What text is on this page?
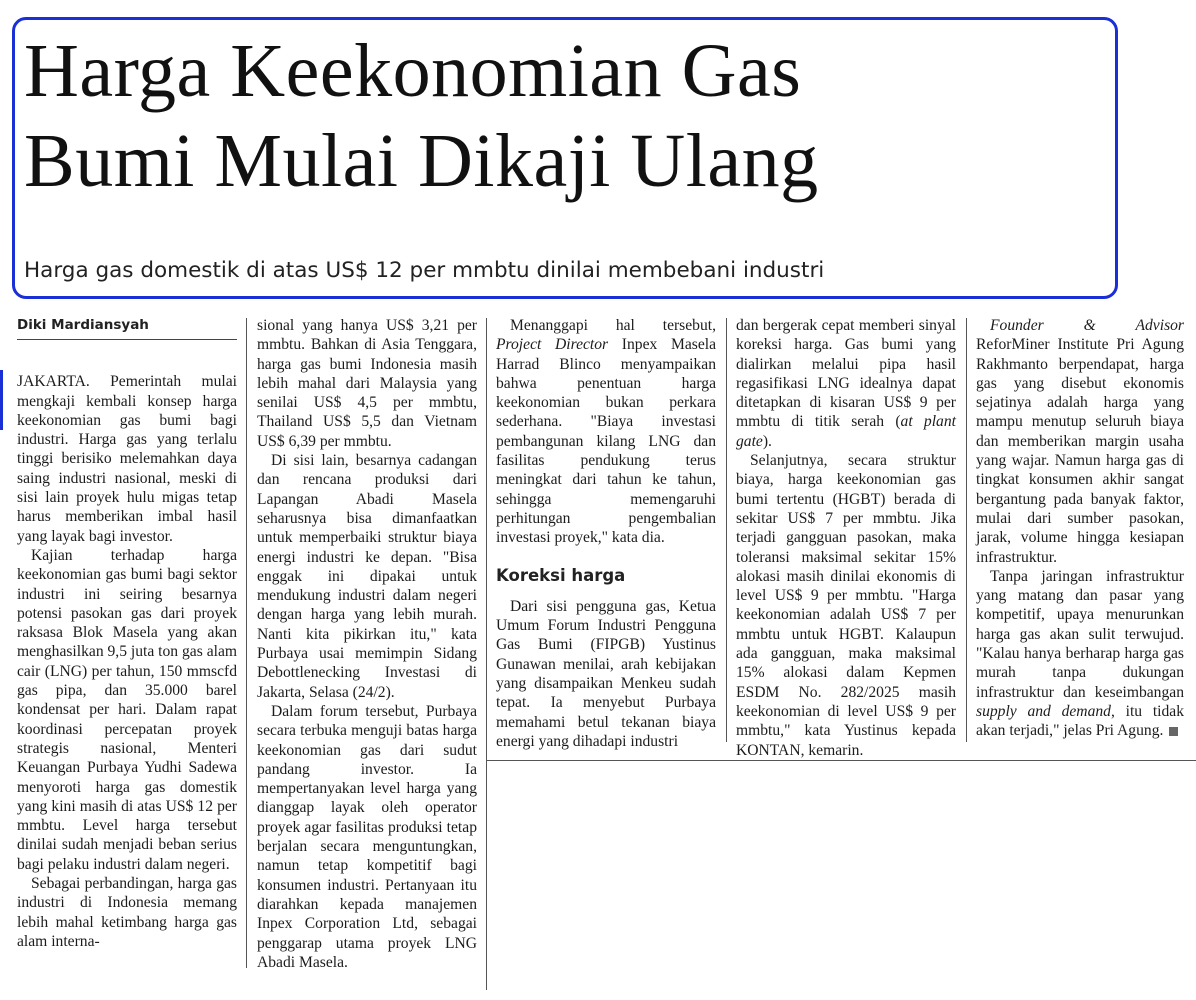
Harga Keekonomian Gas
Bumi Mulai Dikaji Ulang
Harga gas domestik di atas US$ 12 per mmbtu dinilai membebani industri
Diki Mardiansyah

JAKARTA. Pemerintah mulai mengkaji kembali konsep harga keekonomian gas bumi bagi industri. Harga gas yang terlalu tinggi berisiko melemahkan daya saing industri nasional, meski di sisi lain proyek hulu migas tetap harus memberikan imbal hasil yang layak bagi investor.

Kajian terhadap harga keekonomian gas bumi bagi sektor industri ini seiring besarnya potensi pasokan gas dari proyek raksasa Blok Masela yang akan menghasilkan 9,5 juta ton gas alam cair (LNG) per tahun, 150 mmscfd gas pipa, dan 35.000 barel kondensat per hari. Dalam rapat koordinasi percepatan proyek strategis nasional, Menteri Keuangan Purbaya Yudhi Sadewa menyoroti harga gas domestik yang kini masih di atas US$ 12 per mmbtu. Level harga tersebut dinilai sudah menjadi beban serius bagi pelaku industri dalam negeri.

Sebagai perbandingan, harga gas industri di Indonesia memang lebih mahal ketimbang harga gas alam interna-

sional yang hanya US$ 3,21 per mmbtu. Bahkan di Asia Tenggara, harga gas bumi Indonesia masih lebih mahal dari Malaysia yang senilai US$ 4,5 per mmbtu, Thailand US$ 5,5 dan Vietnam US$ 6,39 per mmbtu.

Di sisi lain, besarnya cadangan dan rencana produksi dari Lapangan Abadi Masela seharusnya bisa dimanfaatkan untuk memperbaiki struktur biaya energi industri ke depan. "Bisa enggak ini dipakai untuk mendukung industri dalam negeri dengan harga yang lebih murah. Nanti kita pikirkan itu," kata Purbaya usai memimpin Sidang Debottlenecking Investasi di Jakarta, Selasa (24/2).

Dalam forum tersebut, Purbaya secara terbuka menguji batas harga keekonomian gas dari sudut pandang investor. Ia mempertanyakan level harga yang dianggap layak oleh operator proyek agar fasilitas produksi tetap berjalan secara menguntungkan, namun tetap kompetitif bagi konsumen industri. Pertanyaan itu diarahkan kepada manajemen Inpex Corporation Ltd, sebagai penggarap utama proyek LNG Abadi Masela.

Menanggapi hal tersebut, Project Director Inpex Masela Harrad Blinco menyampaikan bahwa penentuan harga keekonomian bukan perkara sederhana. "Biaya investasi pembangunan kilang LNG dan fasilitas pendukung terus meningkat dari tahun ke tahun, sehingga memengaruhi perhitungan pengembalian investasi proyek," kata dia.

Koreksi harga

Dari sisi pengguna gas, Ketua Umum Forum Industri Pengguna Gas Bumi (FIPGB) Yustinus Gunawan menilai, arah kebijakan yang disampaikan Menkeu sudah tepat. Ia menyebut Purbaya memahami betul tekanan biaya energi yang dihadapi industri

dan bergerak cepat memberi sinyal koreksi harga. Gas bumi yang dialirkan melalui pipa hasil regasifikasi LNG idealnya dapat ditetapkan di kisaran US$ 9 per mmbtu di titik serah (at plant gate).

Selanjutnya, secara struktur biaya, harga keekonomian gas bumi tertentu (HGBT) berada di sekitar US$ 7 per mmbtu. Jika terjadi gangguan pasokan, maka toleransi maksimal sekitar 15% alokasi masih dinilai ekonomis di level US$ 9 per mmbtu. "Harga keekonomian adalah US$ 7 per mmbtu untuk HGBT. Kalaupun ada gangguan, maka maksimal 15% alokasi dalam Kepmen ESDM No. 282/2025 masih keekonomian di level US$ 9 per mmbtu," kata Yustinus kepada KONTAN, kemarin.

Founder & Advisor ReforMiner Institute Pri Agung Rakhmanto berpendapat, harga gas yang disebut ekonomis sejatinya adalah harga yang mampu menutup seluruh biaya dan memberikan margin usaha yang wajar. Namun harga gas di tingkat konsumen akhir sangat bergantung pada banyak faktor, mulai dari sumber pasokan, jarak, volume hingga kesiapan infrastruktur.

Tanpa jaringan infrastruktur yang matang dan pasar yang kompetitif, upaya menurunkan harga gas akan sulit terwujud. "Kalau hanya berharap harga gas murah tanpa dukungan infrastruktur dan keseimbangan supply and demand, itu tidak akan terjadi," jelas Pri Agung.
